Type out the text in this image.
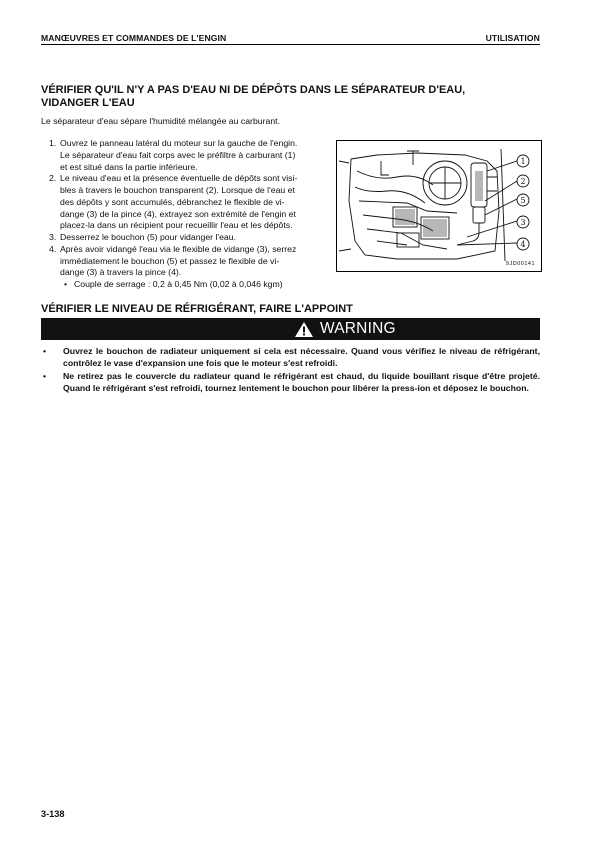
MANŒUVRES ET COMMANDES DE L'ENGIN	UTILISATION
VÉRIFIER QU'IL N'Y A PAS D'EAU NI DE DÉPÔTS DANS LE SÉPARATEUR D'EAU,
VIDANGER L'EAU
Le séparateur d'eau sépare l'humidité mélangée au carburant.
1. Ouvrez le panneau latéral du moteur sur la gauche de l'engin.
Le séparateur d'eau fait corps avec le préfiltre à carburant (1)
et est situé dans la partie inférieure.
2. Le niveau d'eau et la présence éventuelle de dépôts sont visi-
bles à travers le bouchon transparent (2). Lorsque de l'eau et
des dépôts y sont accumulés, débranchez le flexible de vi-
dange (3) de la pince (4), extrayez son extrémité de l'engin et
placez-la dans un récipient pour recueillir l'eau et les dépôts.
3. Desserrez le bouchon (5) pour vidanger l'eau.
4. Après avoir vidangé l'eau via le flexible de vidange (3), serrez
immédiatement le bouchon (5) et passez le flexible de vi-
dange (3) à travers la pince (4).
• Couple de serrage : 0,2 à 0,45 Nm (0,02 à 0,046 kgm)
1
2
5
3
4
9JD00141
VÉRIFIER LE NIVEAU DE RÉFRIGÉRANT, FAIRE L'APPOINT
WARNING
• Ouvrez le bouchon de radiateur uniquement si cela est nécessaire. Quand vous vérifiez le niveau de réfrigérant, contrôlez le vase d'expansion une fois que le moteur s'est refroidi.
• Ne retirez pas le couvercle du radiateur quand le réfrigérant est chaud, du liquide bouillant risque d'être projeté. Quand le réfrigérant s'est refroidi, tournez lentement le bouchon pour libérer la press-ion et déposez le bouchon.
3-138
